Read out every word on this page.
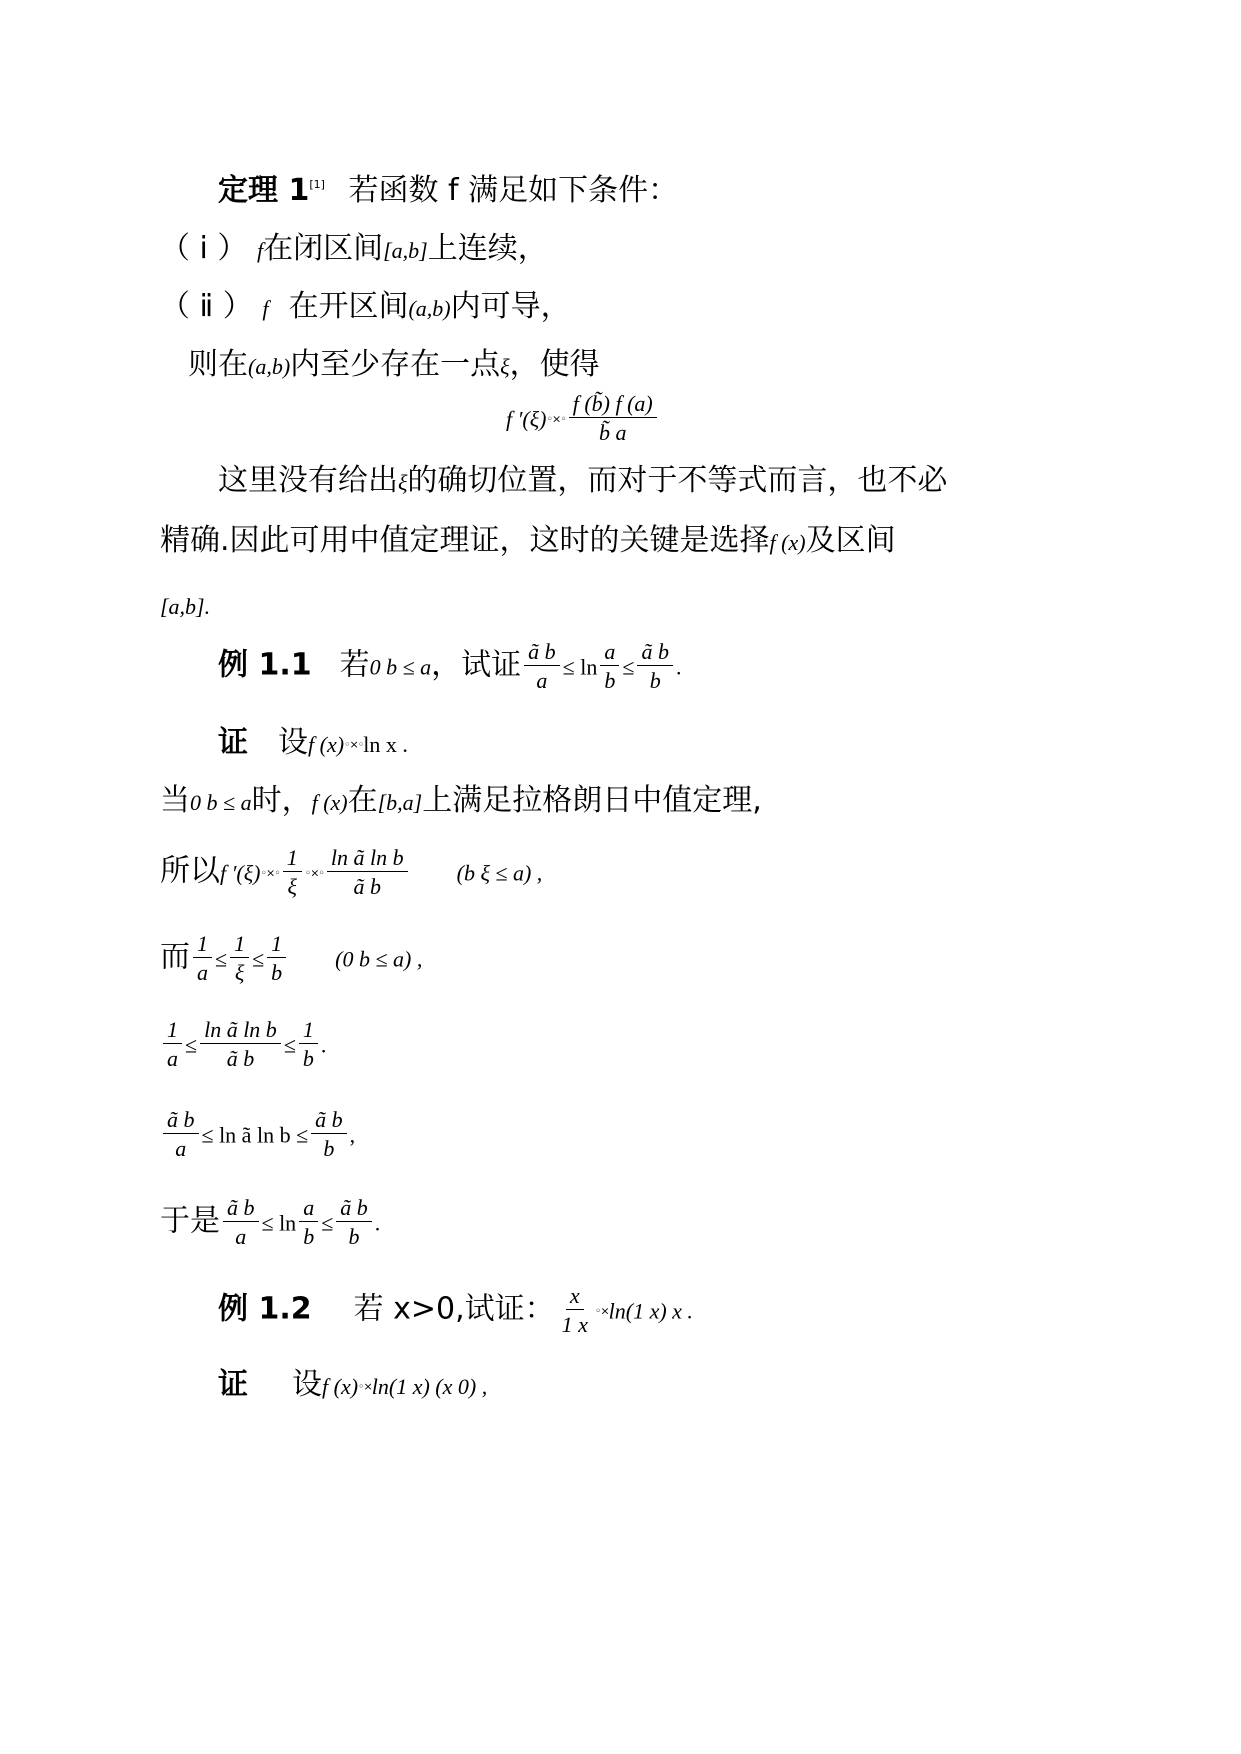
定理 1[1] 若函数 f 满足如下条件：
（ ⅰ ） f在闭区间[a,b]上连续，
（ ⅱ ） f 在开区间(a,b)内可导，
则在(a,b)内至少存在一点ξ，使得
f ′(ξ)◦×◦ $\frac{f (b̃) f (a)}{b̃ a}$
这里没有给出ξ的确切位置，而对于不等式而言，也不必
精确.因此可用中值定理证，这时的关键是选择f (x)及区间
[a,b].
例 1.1 若0 b ≤ a，试证 $\frac{\text{ã b}}{a} \le \ln \frac{a}{b} \le \frac{\text{ã b}}{b}$ .
证 设f (x)◦×◦ln x .
当0 b ≤ a时，f (x)在[b,a]上满足拉格朗日中值定理,
所以f ′(ξ)◦×◦ $\frac{1}{\xi}$ ◦×◦ $\frac{\text{ln ã ln b}}{\text{ã b}} (b$ ξ ≤ a) ,
而 $\frac{1}{a} \le \frac{1}{\xi} \le \frac{1}{b} (0$ b ≤ a) ,
$\frac{1}{a} \le \frac{\text{ln ã ln b}}{\text{ã b}} \le \frac{1}{b}$ .
$\frac{\text{ã b}}{a} \le \ln$ ã $\ln b \le \frac{\text{ã b}}{b}$ ,
于是 $\frac{\text{ã b}}{a} \le \ln \frac{a}{b} \le \frac{\text{ã b}}{b}$ .
例 1.2 若 x>0,试证： $\frac{x}{1 x}$ ◦×ln(1 x) x .
证 设f (x)◦×ln(1 x) (x 0) ,
